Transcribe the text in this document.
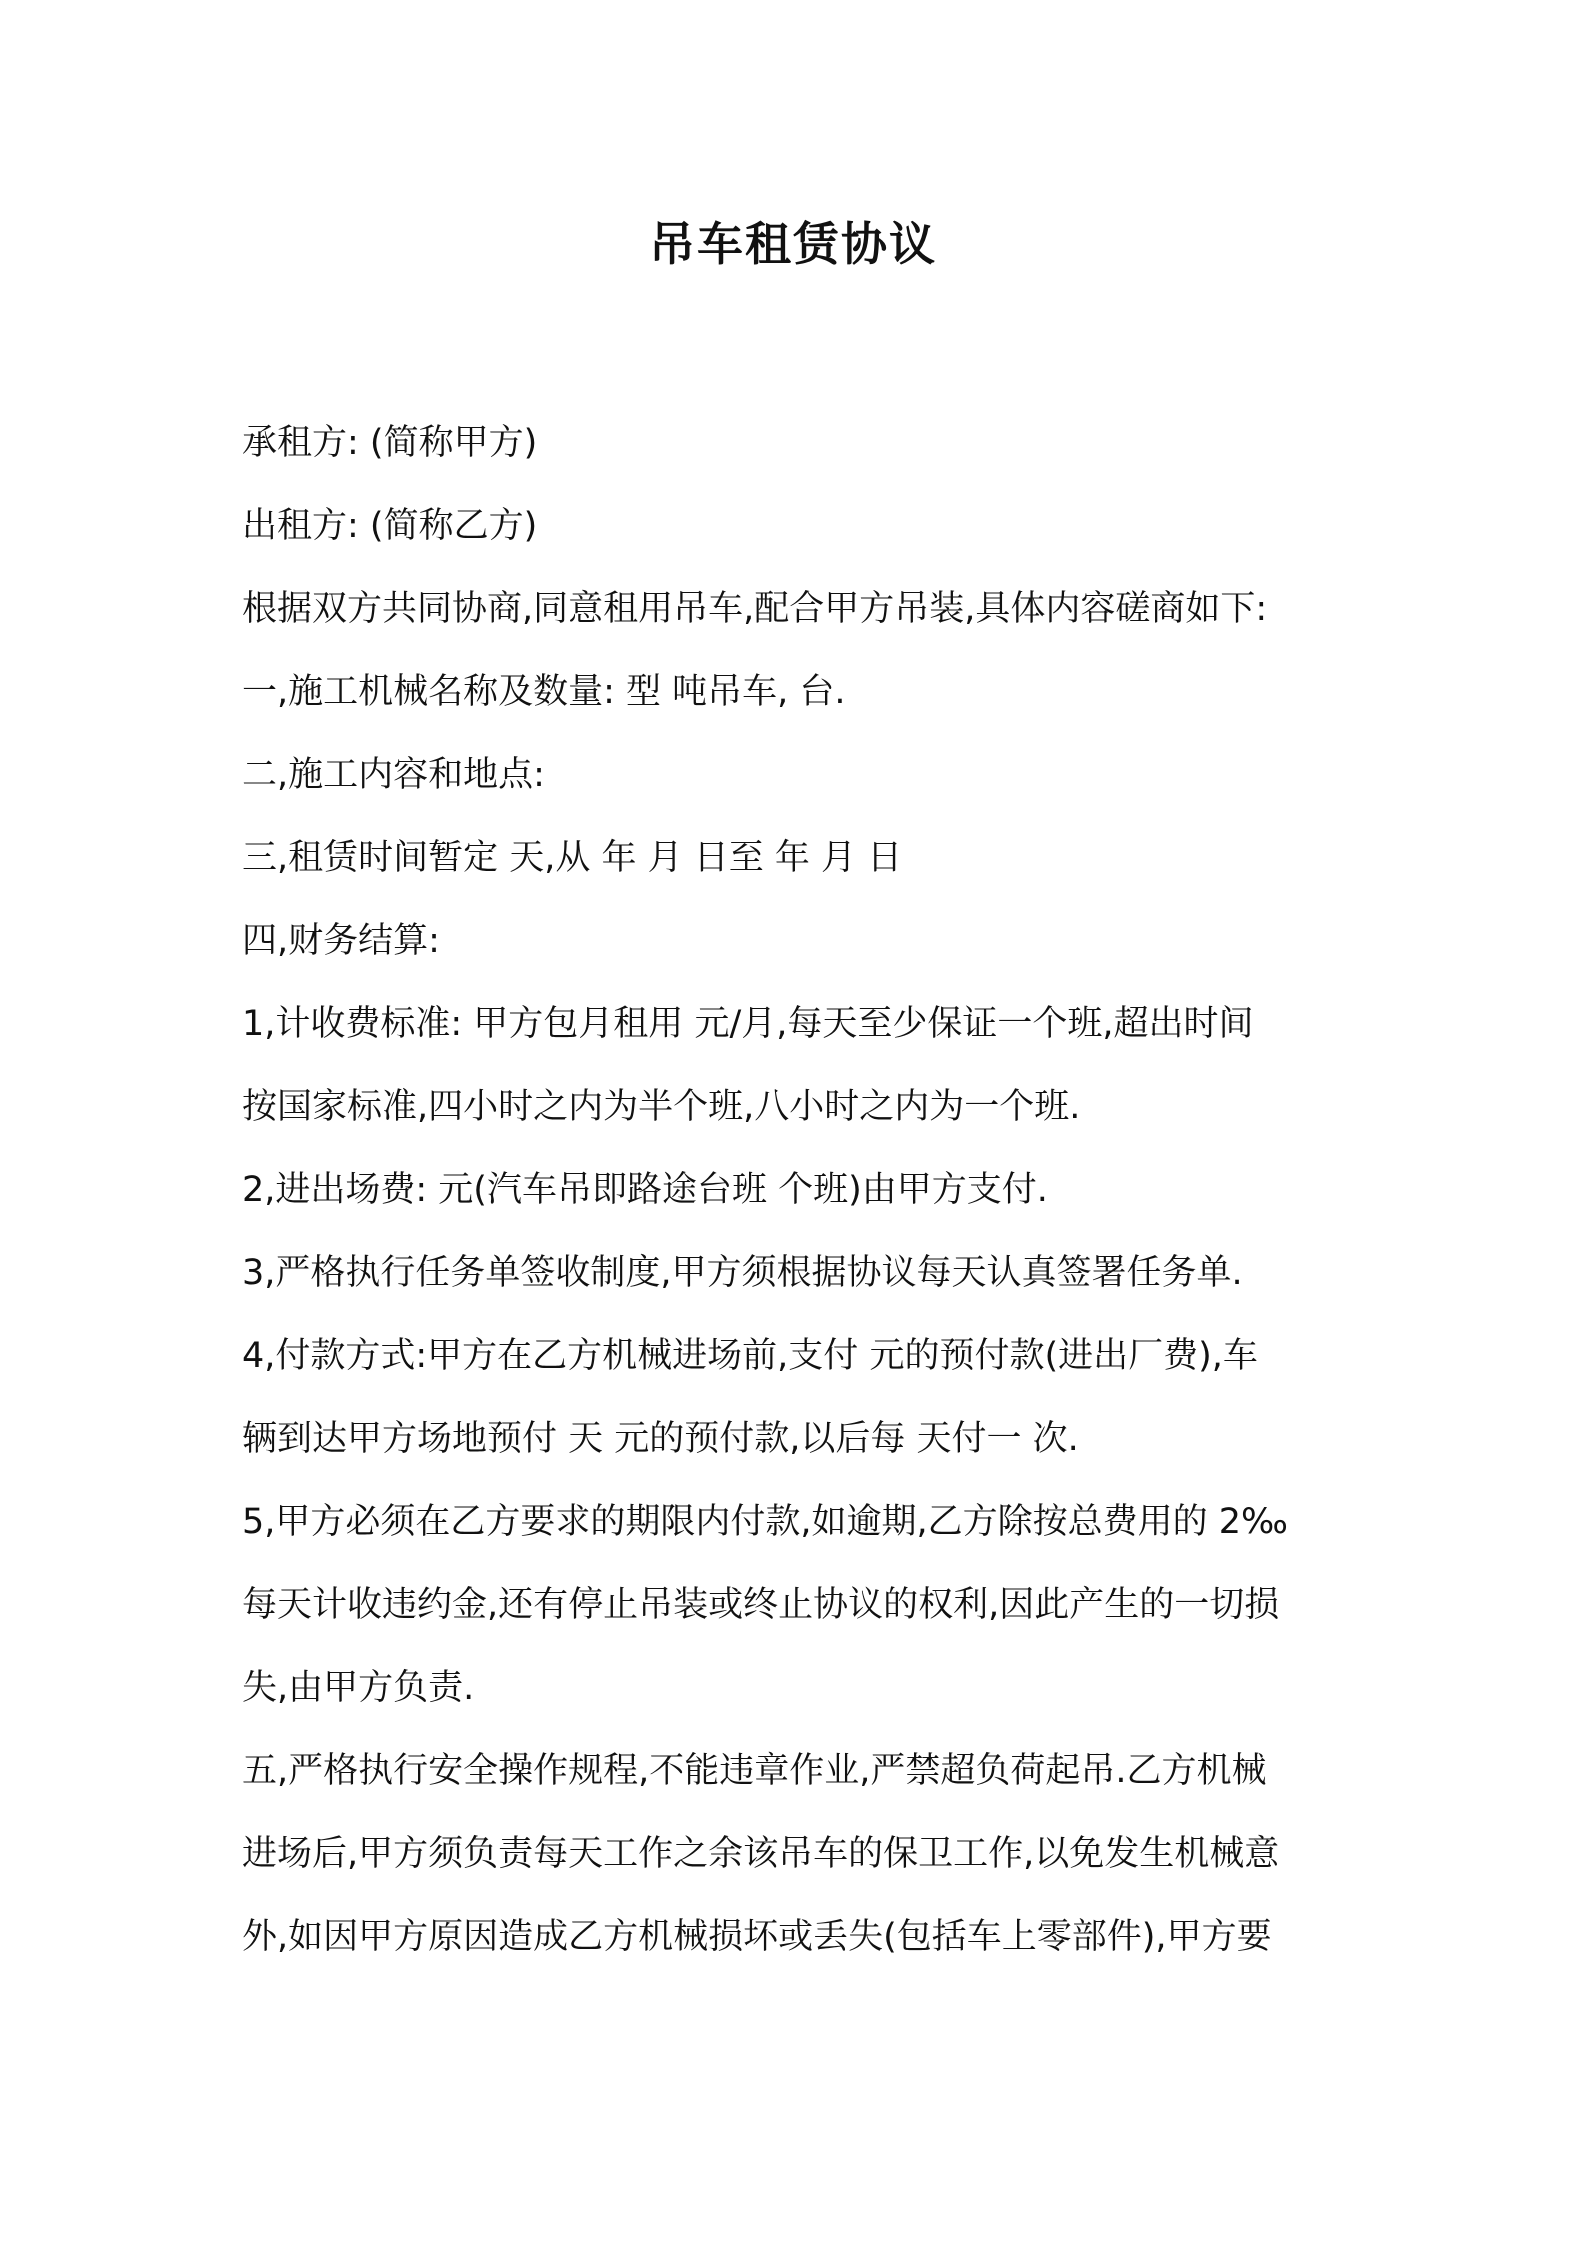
吊车租赁协议

承租方: (简称甲方)

出租方: (简称乙方)

根据双方共同协商,同意租用吊车,配合甲方吊装,具体内容磋商如下:

一,施工机械名称及数量: 型 吨吊车, 台.

二,施工内容和地点:

三,租赁时间暂定 天,从 年 月 日至 年 月 日

四,财务结算:

1,计收费标准: 甲方包月租用 元/月,每天至少保证一个班,超出时间

按国家标准,四小时之内为半个班,八小时之内为一个班.

2,进出场费: 元(汽车吊即路途台班 个班)由甲方支付.

3,严格执行任务单签收制度,甲方须根据协议每天认真签署任务单.

4,付款方式:甲方在乙方机械进场前,支付 元的预付款(进出厂费),车

辆到达甲方场地预付 天 元的预付款,以后每 天付一 次.

5,甲方必须在乙方要求的期限内付款,如逾期,乙方除按总费用的 2‰

每天计收违约金,还有停止吊装或终止协议的权利,因此产生的一切损

失,由甲方负责.

五,严格执行安全操作规程,不能违章作业,严禁超负荷起吊.乙方机械

进场后,甲方须负责每天工作之余该吊车的保卫工作,以免发生机械意

外,如因甲方原因造成乙方机械损坏或丢失(包括车上零部件),甲方要
